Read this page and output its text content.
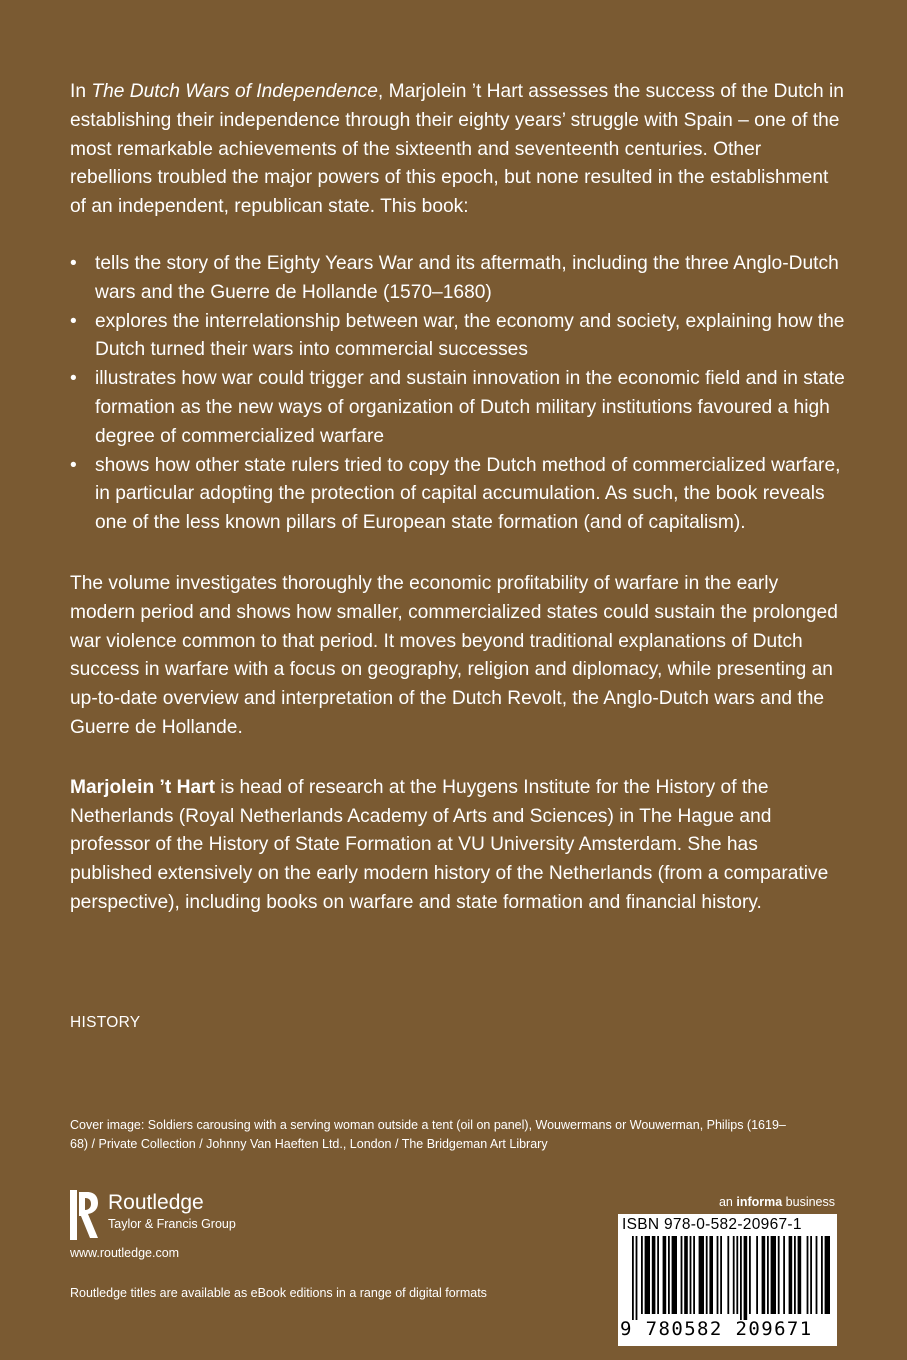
In The Dutch Wars of Independence, Marjolein ’t Hart assesses the success of the Dutch in establishing their independence through their eighty years’ struggle with Spain – one of the most remarkable achievements of the sixteenth and seventeenth centuries. Other rebellions troubled the major powers of this epoch, but none resulted in the establishment of an independent, republican state. This book:

• tells the story of the Eighty Years War and its aftermath, including the three Anglo-Dutch wars and the Guerre de Hollande (1570–1680)
• explores the interrelationship between war, the economy and society, explaining how the Dutch turned their wars into commercial successes
• illustrates how war could trigger and sustain innovation in the economic field and in state formation as the new ways of organization of Dutch military institutions favoured a high degree of commercialized warfare
• shows how other state rulers tried to copy the Dutch method of commercialized warfare, in particular adopting the protection of capital accumulation. As such, the book reveals one of the less known pillars of European state formation (and of capitalism).

The volume investigates thoroughly the economic profitability of warfare in the early modern period and shows how smaller, commercialized states could sustain the prolonged war violence common to that period. It moves beyond traditional explanations of Dutch success in warfare with a focus on geography, religion and diplomacy, while presenting an up-to-date overview and interpretation of the Dutch Revolt, the Anglo-Dutch wars and the Guerre de Hollande.

Marjolein ’t Hart is head of research at the Huygens Institute for the History of the Netherlands (Royal Netherlands Academy of Arts and Sciences) in The Hague and professor of the History of State Formation at VU University Amsterdam. She has published extensively on the early modern history of the Netherlands (from a comparative perspective), including books on warfare and state formation and financial history.

HISTORY
Cover image: Soldiers carousing with a serving woman outside a tent (oil on panel), Wouwermans or Wouwerman, Philips (1619–68) / Private Collection / Johnny Van Haeften Ltd., London / The Bridgeman Art Library
Routledge
Taylor & Francis Group
www.routledge.com
Routledge titles are available as eBook editions in a range of digital formats
an informa business
ISBN 978-0-582-20967-1
9 780582 209671
